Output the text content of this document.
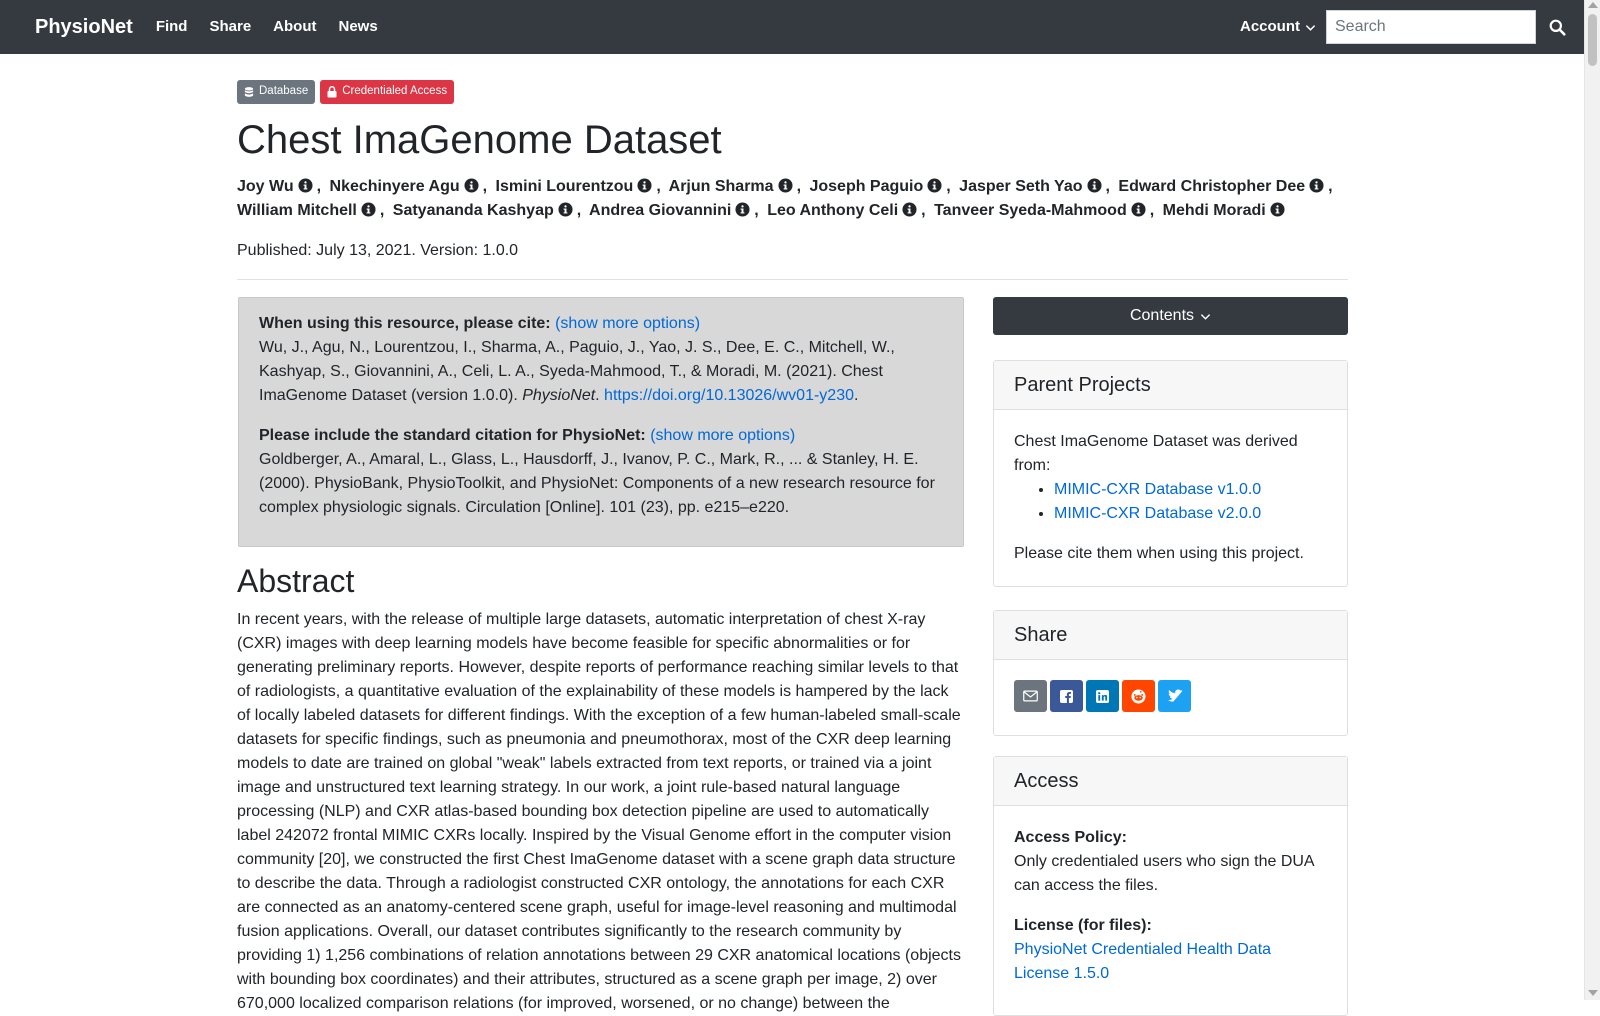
PhysioNet	Find	Share	About	News	Account
Search
Database	Credentialed Access
Chest ImaGenome Dataset
Joy Wu , Nkechinyere Agu , Ismini Lourentzou , Arjun Sharma , Joseph Paguio , Jasper Seth Yao , Edward Christopher Dee , William Mitchell , Satyananda Kashyap , Andrea Giovannini , Leo Anthony Celi , Tanveer Syeda-Mahmood , Mehdi Moradi
Published: July 13, 2021. Version: 1.0.0
When using this resource, please cite: (show more options)
Wu, J., Agu, N., Lourentzou, I., Sharma, A., Paguio, J., Yao, J. S., Dee, E. C., Mitchell, W., Kashyap, S., Giovannini, A., Celi, L. A., Syeda-Mahmood, T., & Moradi, M. (2021). Chest ImaGenome Dataset (version 1.0.0). PhysioNet. https://doi.org/10.13026/wv01-y230.
Please include the standard citation for PhysioNet: (show more options)
Goldberger, A., Amaral, L., Glass, L., Hausdorff, J., Ivanov, P. C., Mark, R., ... & Stanley, H. E. (2000). PhysioBank, PhysioToolkit, and PhysioNet: Components of a new research resource for complex physiologic signals. Circulation [Online]. 101 (23), pp. e215–e220.
Abstract

In recent years, with the release of multiple large datasets, automatic interpretation of chest X-ray (CXR) images with deep learning models have become feasible for specific abnormalities or for generating preliminary reports. However, despite reports of performance reaching similar levels to that of radiologists, a quantitative evaluation of the explainability of these models is hampered by the lack of locally labeled datasets for different findings. With the exception of a few human-labeled small-scale datasets for specific findings, such as pneumonia and pneumothorax, most of the CXR deep learning models to date are trained on global "weak" labels extracted from text reports, or trained via a joint image and unstructured text learning strategy. In our work, a joint rule-based natural language processing (NLP) and CXR atlas-based bounding box detection pipeline are used to automatically label 242072 frontal MIMIC CXRs locally. Inspired by the Visual Genome effort in the computer vision community [20], we constructed the first Chest ImaGenome dataset with a scene graph data structure to describe the data. Through a radiologist constructed CXR ontology, the annotations for each CXR are connected as an anatomy-centered scene graph, useful for image-level reasoning and multimodal fusion applications. Overall, our dataset contributes significantly to the research community by providing 1) 1,256 combinations of relation annotations between 29 CXR anatomical locations (objects with bounding box coordinates) and their attributes, structured as a scene graph per image, 2) over 670,000 localized comparison relations (for improved, worsened, or no change) between the

Contents
Parent Projects
Chest ImaGenome Dataset was derived from:
• MIMIC-CXR Database v1.0.0
• MIMIC-CXR Database v2.0.0
Please cite them when using this project.
Share
Access
Access Policy:
Only credentialed users who sign the DUA can access the files.
License (for files):
PhysioNet Credentialed Health Data License 1.5.0
